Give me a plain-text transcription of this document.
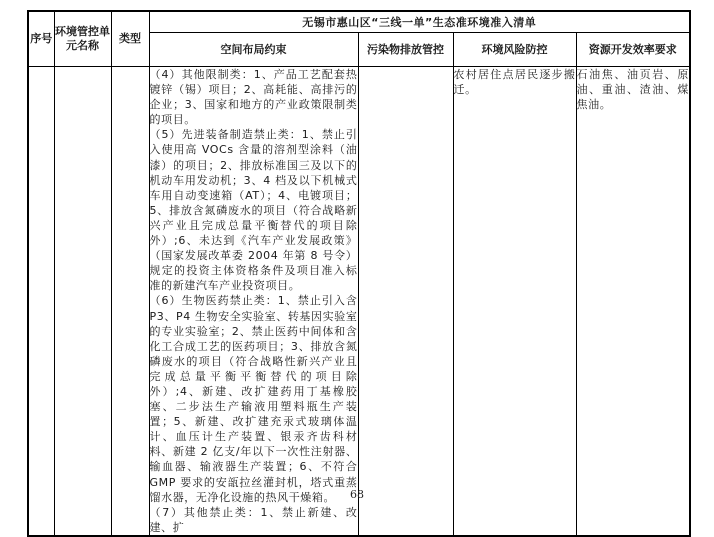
序号	环境管控单元名称	类型	无锡市惠山区“三线一单”生态准环境准入清单			
			空间布局约束	污染物排放管控	环境风险防控	资源开发效率要求

			（4）其他限制类：1、产品工艺配套热镀锌（锡）项目；2、高耗能、高排污的企业；3、国家和地方的产业政策限制类的项目。

（5）先进装备制造禁止类：1、禁止引入使用高 VOCs 含量的溶剂型涂料（油漆）的项目；2、排放标准国三及以下的机动车用发动机；3、4 档及以下机械式车用自动变速箱（AT）；4、电镀项目；5、排放含氮磷废水的项目（符合战略新兴产业且完成总量平衡替代的项目除外）;6、未达到《汽车产业发展政策》（国家发展改革委 2004 年第 8 号令）规定的投资主体资格条件及项目准入标准的新建汽车产业投资项目。

（6）生物医药禁止类：1、禁止引入含 P3、P4 生物安全实验室、转基因实验室的专业实验室；2、禁止医药中间体和含化工合成工艺的医药项目；3、排放含氮磷废水的项目（符合战略性新兴产业且完成总量平衡平衡替代的项目除外）;4、新建、改扩建药用丁基橡胶塞、二步法生产输液用塑料瓶生产装置；5、新建、改扩建充汞式玻璃体温计、血压计生产装置、银汞齐齿科材料、新建 2 亿支/年以下一次性注射器、输血器、输液器生产装置；6、不符合 GMP 要求的安瓿拉丝灌封机，塔式重蒸馏水器，无净化设施的热风干燥箱。

（7）其他禁止类：1、禁止新建、改建、扩		农村居住点居民逐步搬迁。	石油焦、油页岩、原油、重油、渣油、煤焦油。

68
